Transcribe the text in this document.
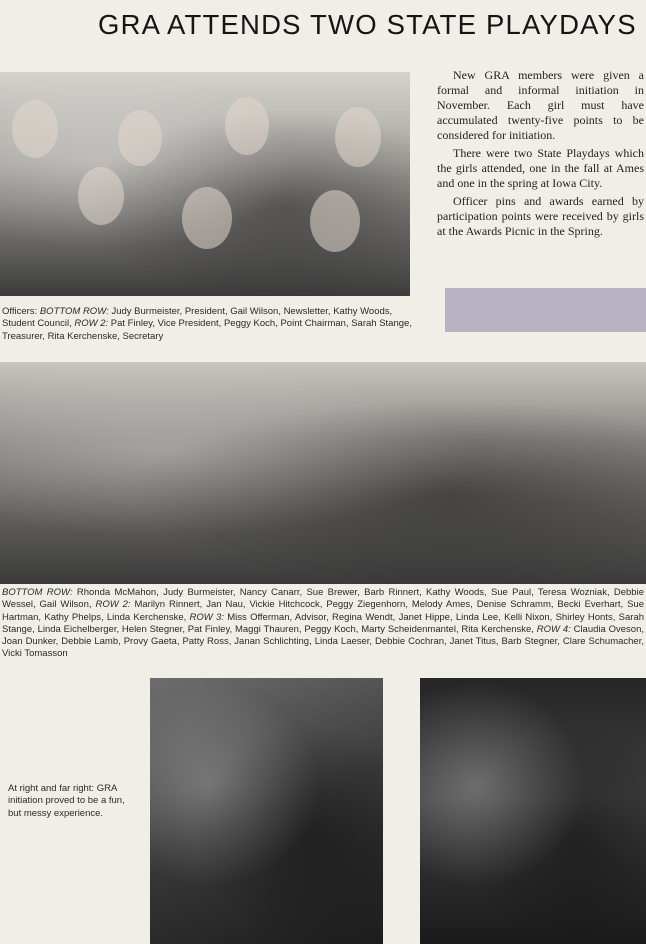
GRA ATTENDS TWO STATE PLAYDAYS

New GRA members were given a formal and informal initiation in November. Each girl must have accumulated twenty-five points to be considered for initiation.

There were two State Playdays which the girls attended, one in the fall at Ames and one in the spring at Iowa City.

Officer pins and awards earned by participation points were received by girls at the Awards Picnic in the Spring.

Officers: BOTTOM ROW: Judy Burmeister, President, Gail Wilson, Newsletter, Kathy Woods, Student Council, ROW 2: Pat Finley, Vice President, Peggy Koch, Point Chairman, Sarah Stange, Treasurer, Rita Kerchenske, Secretary
BOTTOM ROW: Rhonda McMahon, Judy Burmeister, Nancy Canarr, Sue Brewer, Barb Rinnert, Kathy Woods, Sue Paul, Teresa Wozniak, Debbie Wessel, Gail Wilson, ROW 2: Marilyn Rinnert, Jan Nau, Vickie Hitchcock, Peggy Ziegenhorn, Melody Ames, Denise Schramm, Becki Everhart, Sue Hartman, Kathy Phelps, Linda Kerchenske, ROW 3: Miss Offerman, Advisor, Regina Wendt, Janet Hippe, Linda Lee, Kelli Nixon, Shirley Honts, Sarah Stange, Linda Eichelberger, Helen Stegner, Pat Finley, Maggi Thauren, Peggy Koch, Marty Scheidenmantel, Rita Kerchenske, ROW 4: Claudia Oveson, Joan Dunker, Debbie Lamb, Provy Gaeta, Patty Ross, Janan Schlichting, Linda Laeser, Debbie Cochran, Janet Titus, Barb Stegner, Clare Schumacher, Vicki Tomasson
At right and far right: GRA initiation proved to be a fun, but messy experience.
